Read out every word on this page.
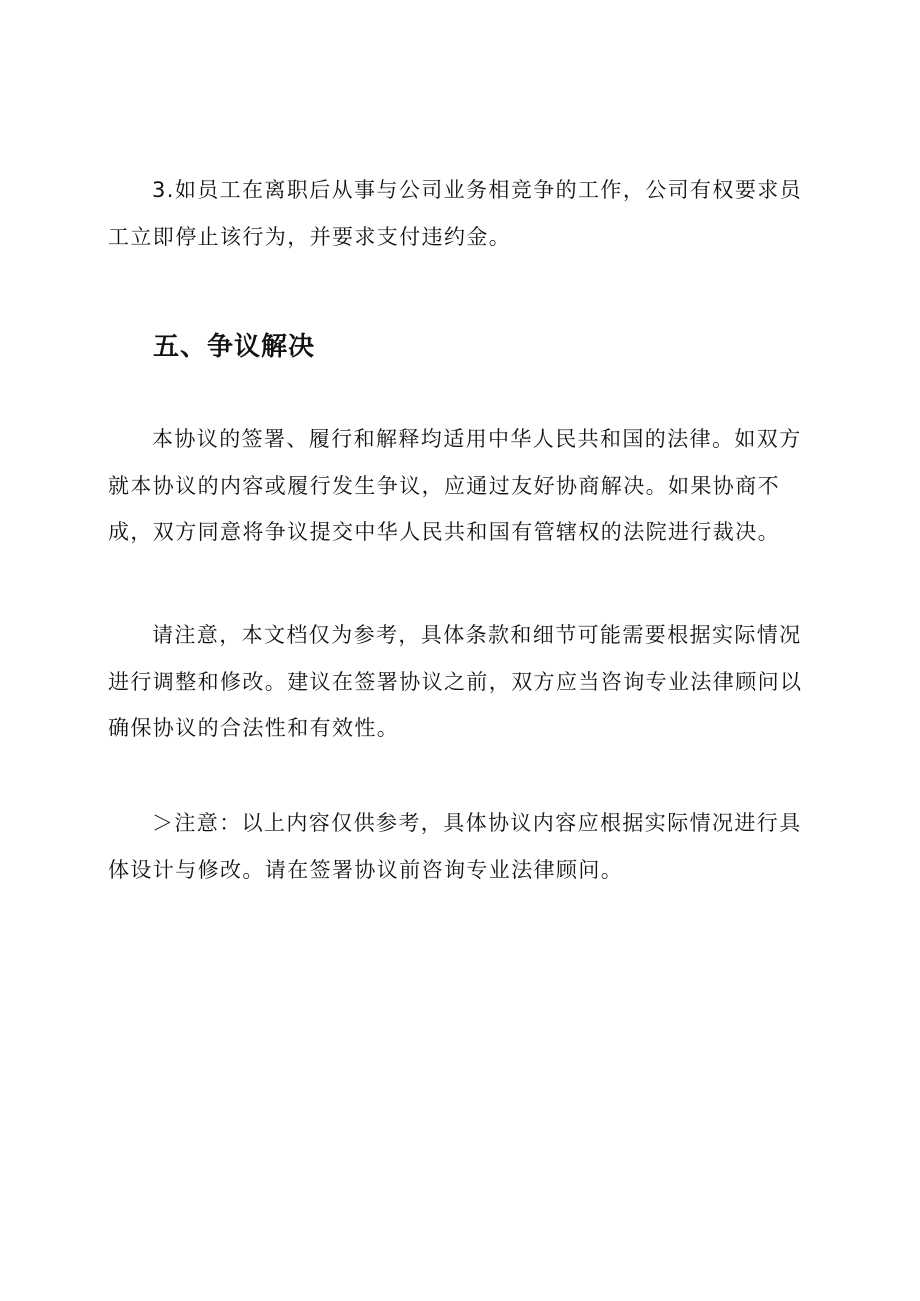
3.如员工在离职后从事与公司业务相竞争的工作，公司有权要求员工立即停止该行为，并要求支付违约金。

五、争议解决

本协议的签署、履行和解释均适用中华人民共和国的法律。如双方就本协议的内容或履行发生争议，应通过友好协商解决。如果协商不成，双方同意将争议提交中华人民共和国有管辖权的法院进行裁决。

请注意，本文档仅为参考，具体条款和细节可能需要根据实际情况进行调整和修改。建议在签署协议之前，双方应当咨询专业法律顾问以确保协议的合法性和有效性。

＞注意：以上内容仅供参考，具体协议内容应根据实际情况进行具体设计与修改。请在签署协议前咨询专业法律顾问。
